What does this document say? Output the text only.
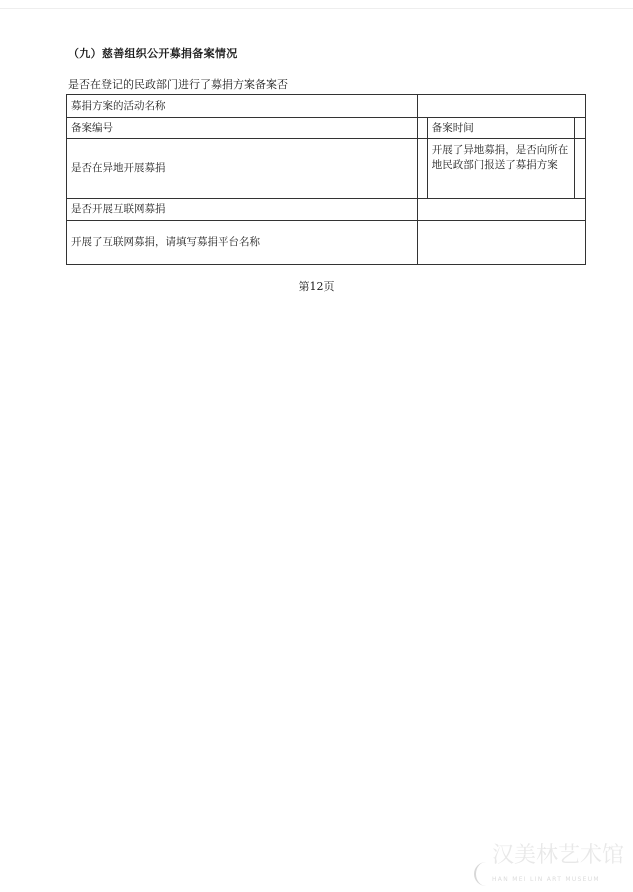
（九）慈善组织公开募捐备案情况
是否在登记的民政部门进行了募捐方案备案否
募捐方案的活动名称			
备案编号		备案时间	
是否在异地开展募捐		开展了异地募捐，是否向所在地民政部门报送了募捐方案	
是否开展互联网募捐			
开展了互联网募捐，请填写募捐平台名称			
第12页
汉美林艺术馆
HAN MEI LIN ART MUSEUM
